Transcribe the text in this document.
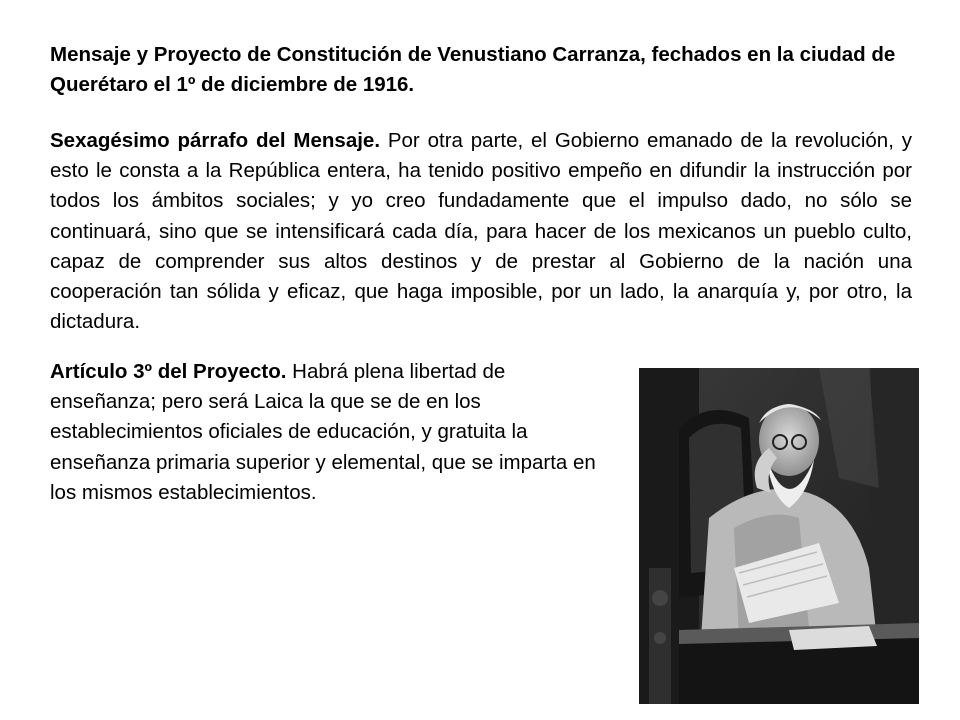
Mensaje y Proyecto de Constitución de Venustiano Carranza, fechados en la ciudad de Querétaro el 1º de diciembre de 1916.

Sexagésimo párrafo del Mensaje. Por otra parte, el Gobierno emanado de la revolución, y esto le consta a la República entera, ha tenido positivo empeño en difundir la instrucción por todos los ámbitos sociales; y yo creo fundadamente que el impulso dado, no sólo se continuará, sino que se intensificará cada día, para hacer de los mexicanos un pueblo culto, capaz de comprender sus altos destinos y de prestar al Gobierno de la nación una cooperación tan sólida y eficaz, que haga imposible, por un lado, la anarquía y, por otro, la dictadura.

Artículo 3º del Proyecto. Habrá plena libertad de enseñanza; pero será Laica la que se de en los establecimientos oficiales de educación, y gratuita la enseñanza primaria superior y elemental, que se imparta en los mismos establecimientos.
